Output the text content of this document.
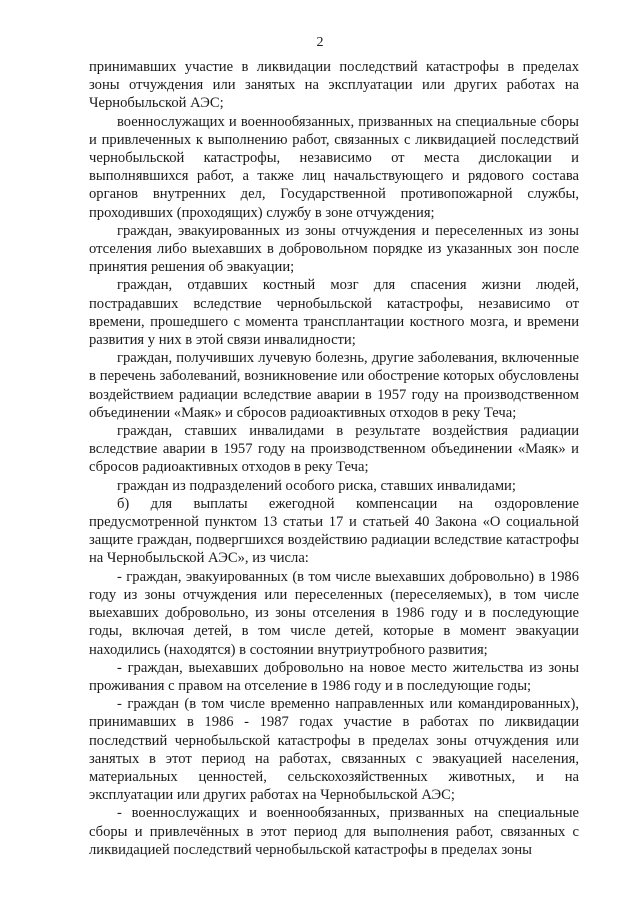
2

принимавших участие в ликвидации последствий катастрофы в пределах зоны отчуждения или занятых на эксплуатации или других работах на Чернобыльской АЭС;

военнослужащих и военнообязанных, призванных на специальные сборы и привлеченных к выполнению работ, связанных с ликвидацией последствий чернобыльской катастрофы, независимо от места дислокации и выполнявшихся работ, а также лиц начальствующего и рядового состава органов внутренних дел, Государственной противопожарной службы, проходивших (проходящих) службу в зоне отчуждения;

граждан, эвакуированных из зоны отчуждения и переселенных из зоны отселения либо выехавших в добровольном порядке из указанных зон после принятия решения об эвакуации;

граждан, отдавших костный мозг для спасения жизни людей, пострадавших вследствие чернобыльской катастрофы, независимо от времени, прошедшего с момента трансплантации костного мозга, и времени развития у них в этой связи инвалидности;

граждан, получивших лучевую болезнь, другие заболевания, включенные в перечень заболеваний, возникновение или обострение которых обусловлены воздействием радиации вследствие аварии в 1957 году на производственном объединении «Маяк» и сбросов радиоактивных отходов в реку Теча;

граждан, ставших инвалидами в результате воздействия радиации вследствие аварии в 1957 году на производственном объединении «Маяк» и сбросов радиоактивных отходов в реку Теча;

граждан из подразделений особого риска, ставших инвалидами;

б) для выплаты ежегодной компенсации на оздоровление предусмотренной пунктом 13 статьи 17 и статьей 40 Закона «О социальной защите граждан, подвергшихся воздействию радиации вследствие катастрофы на Чернобыльской АЭС», из числа:

- граждан, эвакуированных (в том числе выехавших добровольно) в 1986 году из зоны отчуждения или переселенных (переселяемых), в том числе выехавших добровольно, из зоны отселения в 1986 году и в последующие годы, включая детей, в том числе детей, которые в момент эвакуации находились (находятся) в состоянии внутриутробного развития;

- граждан, выехавших добровольно на новое место жительства из зоны проживания с правом на отселение в 1986 году и в последующие годы;

- граждан (в том числе временно направленных или командированных), принимавших в 1986 - 1987 годах участие в работах по ликвидации последствий чернобыльской катастрофы в пределах зоны отчуждения или занятых в этот период на работах, связанных с эвакуацией населения, материальных ценностей, сельскохозяйственных животных, и на эксплуатации или других работах на Чернобыльской АЭС;

- военнослужащих и военнообязанных, призванных на специальные сборы и привлечённых в этот период для выполнения работ, связанных с ликвидацией последствий чернобыльской катастрофы в пределах зоны
